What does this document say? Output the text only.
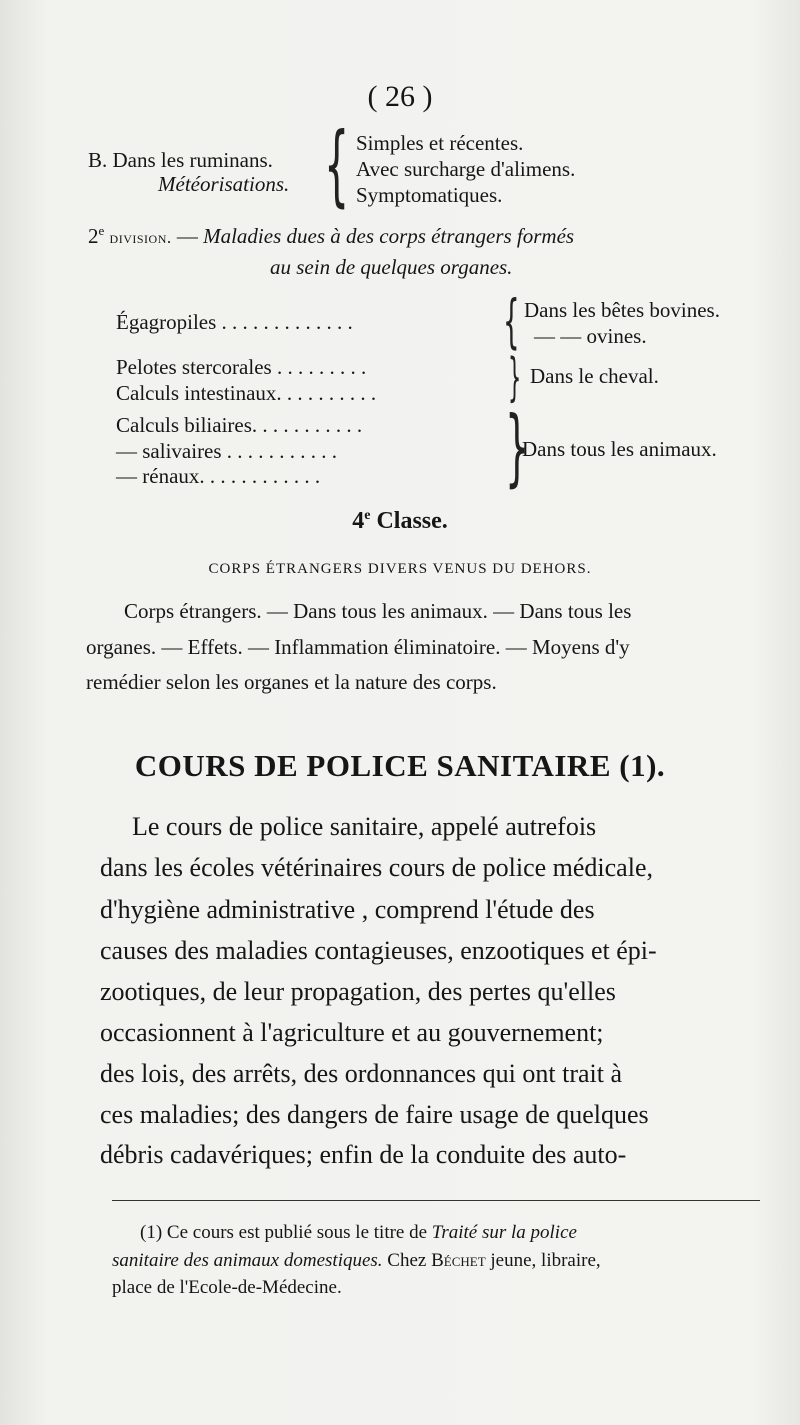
( 26 )
B. Dans les ruminans.
Météorisations. { Simples et récentes.
Avec surcharge d'alimens.
Symptomatiques.
2e division. — Maladies dues à des corps étrangers formés
au sein de quelques organes.
Égagropiles . . . . . . . . . . . . .	{ Dans les bêtes bovines.
— — ovines.
Pelotes stercorales . . . . . . . . .
Calculs intestinaux. . . . . . . . . .	} Dans le cheval.
Calculs biliaires. . . . . . . . . . .
— salivaires . . . . . . . . . . .
— rénaux. . . . . . . . . . . . }
Dans tous les animaux.
4e Classe.
CORPS ÉTRANGERS DIVERS VENUS DU DEHORS.
Corps étrangers. — Dans tous les animaux. — Dans tous les
organes. — Effets. — Inflammation éliminatoire. — Moyens d'y
remédier selon les organes et la nature des corps.
COURS DE POLICE SANITAIRE (1).
Le cours de police sanitaire, appelé autrefois
dans les écoles vétérinaires cours de police médicale,
d'hygiène administrative , comprend l'étude des
causes des maladies contagieuses, enzootiques et épi-
zootiques, de leur propagation, des pertes qu'elles
occasionnent à l'agriculture et au gouvernement;
des lois, des arrêts, des ordonnances qui ont trait à
ces maladies; des dangers de faire usage de quelques
débris cadavériques; enfin de la conduite des auto-
(1) Ce cours est publié sous le titre de Traité sur la police
sanitaire des animaux domestiques. Chez Béchet jeune, libraire,
place de l'Ecole-de-Médecine.
